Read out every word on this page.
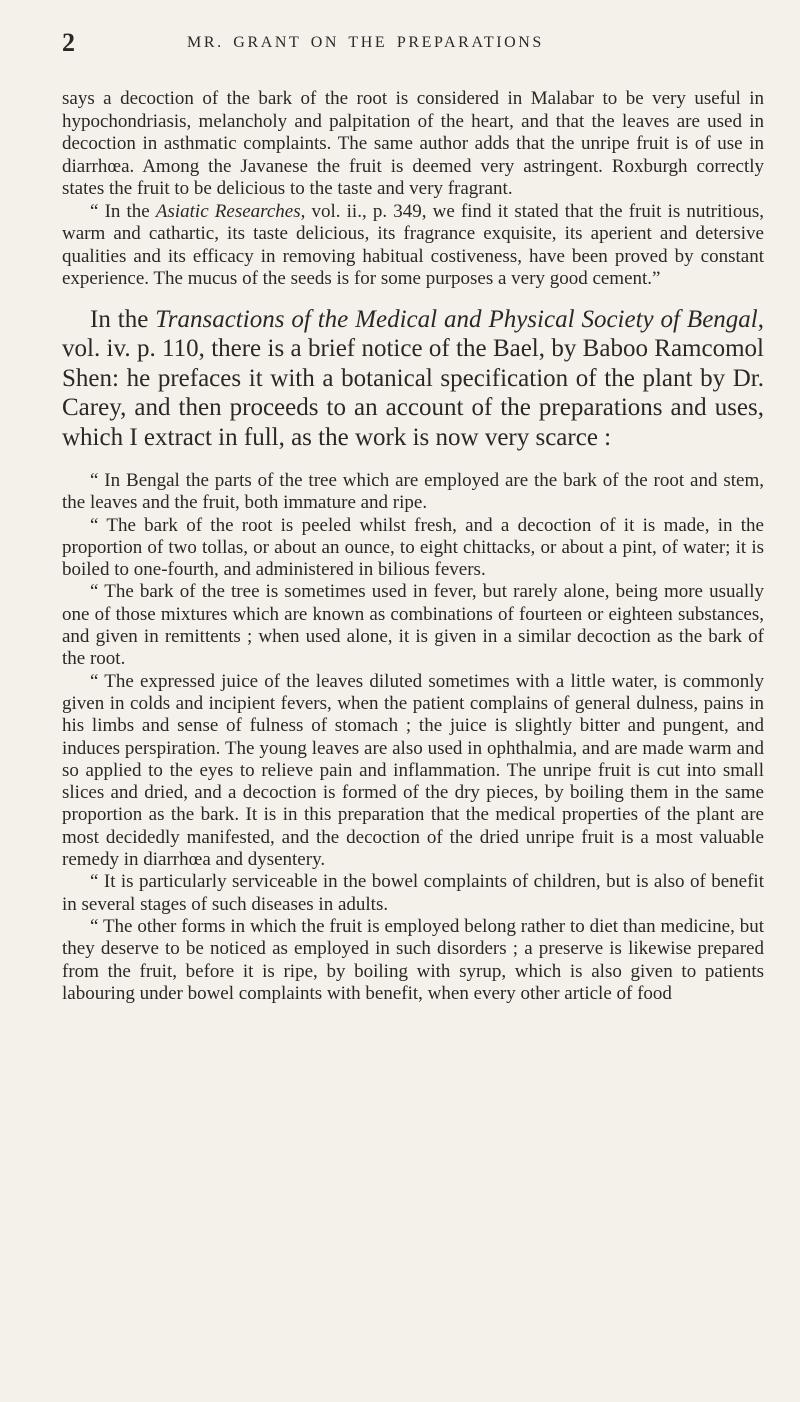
2	MR. GRANT ON THE PREPARATIONS

says a decoction of the bark of the root is considered in Malabar to be very useful in hypochondriasis, melancholy and palpitation of the heart, and that the leaves are used in decoction in asthmatic complaints. The same author adds that the unripe fruit is of use in diarrhœa. Among the Javanese the fruit is deemed very astringent. Roxburgh correctly states the fruit to be delicious to the taste and very fragrant.

“ In the Asiatic Researches, vol. ii., p. 349, we find it stated that the fruit is nutritious, warm and cathartic, its taste delicious, its fragrance exquisite, its aperient and detersive qualities and its efficacy in removing habitual costiveness, have been proved by constant experience. The mucus of the seeds is for some purposes a very good cement.”

In the Transactions of the Medical and Physical Society of Bengal, vol. iv. p. 110, there is a brief notice of the Bael, by Baboo Ramcomol Shen: he prefaces it with a botanical specification of the plant by Dr. Carey, and then proceeds to an account of the preparations and uses, which I extract in full, as the work is now very scarce :

“ In Bengal the parts of the tree which are employed are the bark of the root and stem, the leaves and the fruit, both immature and ripe.

“ The bark of the root is peeled whilst fresh, and a decoction of it is made, in the proportion of two tollas, or about an ounce, to eight chittacks, or about a pint, of water; it is boiled to one-fourth, and administered in bilious fevers.

“ The bark of the tree is sometimes used in fever, but rarely alone, being more usually one of those mixtures which are known as combinations of fourteen or eighteen substances, and given in remittents ; when used alone, it is given in a similar decoction as the bark of the root.

“ The expressed juice of the leaves diluted sometimes with a little water, is commonly given in colds and incipient fevers, when the patient complains of general dulness, pains in his limbs and sense of fulness of stomach ; the juice is slightly bitter and pungent, and induces perspiration. The young leaves are also used in ophthalmia, and are made warm and so applied to the eyes to relieve pain and inflammation. The unripe fruit is cut into small slices and dried, and a decoction is formed of the dry pieces, by boiling them in the same proportion as the bark. It is in this preparation that the medical properties of the plant are most decidedly manifested, and the decoction of the dried unripe fruit is a most valuable remedy in diarrhœa and dysentery.

“ It is particularly serviceable in the bowel complaints of children, but is also of benefit in several stages of such diseases in adults.

“ The other forms in which the fruit is employed belong rather to diet than medicine, but they deserve to be noticed as employed in such disorders ; a preserve is likewise prepared from the fruit, before it is ripe, by boiling with syrup, which is also given to patients labouring under bowel complaints with benefit, when every other article of food
